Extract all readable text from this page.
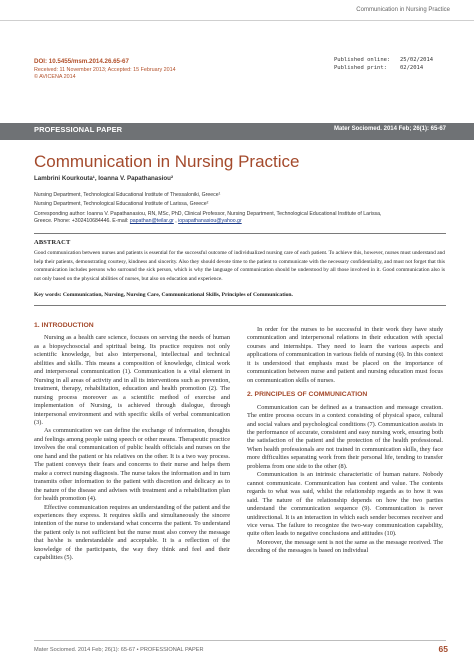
Communication in Nursing Practice
DOI: 10.5455/msm.2014.26.65-67
Received: 11 November 2013; Accepted: 15 February 2014
© AVICENA 2014
Published online: 25/02/2014
Published print: 02/2014
PROFESSIONAL PAPER	Mater Sociomed. 2014 Feb; 26(1): 65-67
Communication in Nursing Practice
Lambrini Kourkouta¹, Ioanna V. Papathanasiou²
Nursing Department, Technological Educational Institute of Thessaloniki, Greece¹
Nursing Department, Technological Educational Institute of Larissa, Greece²
Corresponding author: Ioanna V. Papathanasiou, RN, MSc, PhD, Clinical Professor, Nursing Department, Technological Educational Institute of Larissa,
Greece. Phone: +302410684446. E-mail: papathan@teilar.gr , iopapathanasiou@yahoo.gr
ABSTRACT
Good communication between nurses and patients is essential for the successful outcome of individualized nursing care of each patient. To achieve this, however, nurses must understand and help their patients, demonstrating courtesy, kindness and sincerity. Also they should devote time to the patient to communicate with the necessary confidentiality, and must not forget that this communication includes persons who surround the sick person, which is why the language of communication should be understood by all those involved in it. Good communication also is not only based on the physical abilities of nurses, but also on education and experience.
Key words: Communication, Nursing, Nursing Care, Communicational Skills, Principles of Communication.
1. INTRODUCTION

Nursing as a health care science, focuses on serving the needs of human as a biopsychosocial and spiritual being. Its practice requires not only scientific knowledge, but also interpersonal, intellectual and technical abilities and skills. This means a composition of knowledge, clinical work and interpersonal communication (1). Communication is a vital element in Nursing in all areas of activity and in all its interventions such as prevention, treatment, therapy, rehabilitation, education and health promotion (2). The nursing process moreover as a scientific method of exercise and implementation of Nursing, is achieved through dialogue, through interpersonal environment and with specific skills of verbal communication (3).

As communication we can define the exchange of information, thoughts and feelings among people using speech or other means. Therapeutic practice involves the oral communication of public health officials and nurses on the one hand and the patient or his relatives on the other. It is a two way process. The patient conveys their fears and concerns to their nurse and helps them make a correct nursing diagnosis. The nurse takes the information and in turn transmits other information to the patient with discretion and delicacy as to the nature of the disease and advises with treatment and a rehabilitation plan for health promotion (4).

Effective communication requires an understanding of the patient and the experiences they express. It requires skills and simultaneously the sincere intention of the nurse to understand what concerns the patient. To understand the patient only is not sufficient but the nurse must also convey the message that he/she is understandable and acceptable. It is a reflection of the knowledge of the participants, the way they think and feel and their capabilities (5).

In order for the nurses to be successful in their work they have study communication and interpersonal relations in their education with special courses and internships. They need to learn the various aspects and applications of communication in various fields of nursing (6). In this context it is understood that emphasis must be placed on the importance of communication between nurse and patient and nursing education must focus on communication skills of nurses.

2. PRINCIPLES OF COMMUNICATION

Communication can be defined as a transaction and message creation. The entire process occurs in a context consisting of physical space, cultural and social values and psychological conditions (7). Communication assists in the performance of accurate, consistent and easy nursing work, ensuring both the satisfaction of the patient and the protection of the health professional. When health professionals are not trained in communication skills, they face more difficulties separating work from their personal life, tending to transfer problems from one side to the other (8).

Communication is an intrinsic characteristic of human nature. Nobody cannot communicate. Communication has content and value. The contents regards to what was said, whilst the relationship regards as to how it was said. The nature of the relationship depends on how the two parties understand the communication sequence (9). Communication is never unidirectional. It is an interaction in which each sender becomes receiver and vice versa. The failure to recognize the two-way communication capability, quite often leads to negative conclusions and attitudes (10).

Moreover, the message sent is not the same as the message received. The decoding of the messages is based on individual

Mater Sociomed. 2014 Feb; 26(1): 65-67 • PROFESSIONAL PAPER	65
